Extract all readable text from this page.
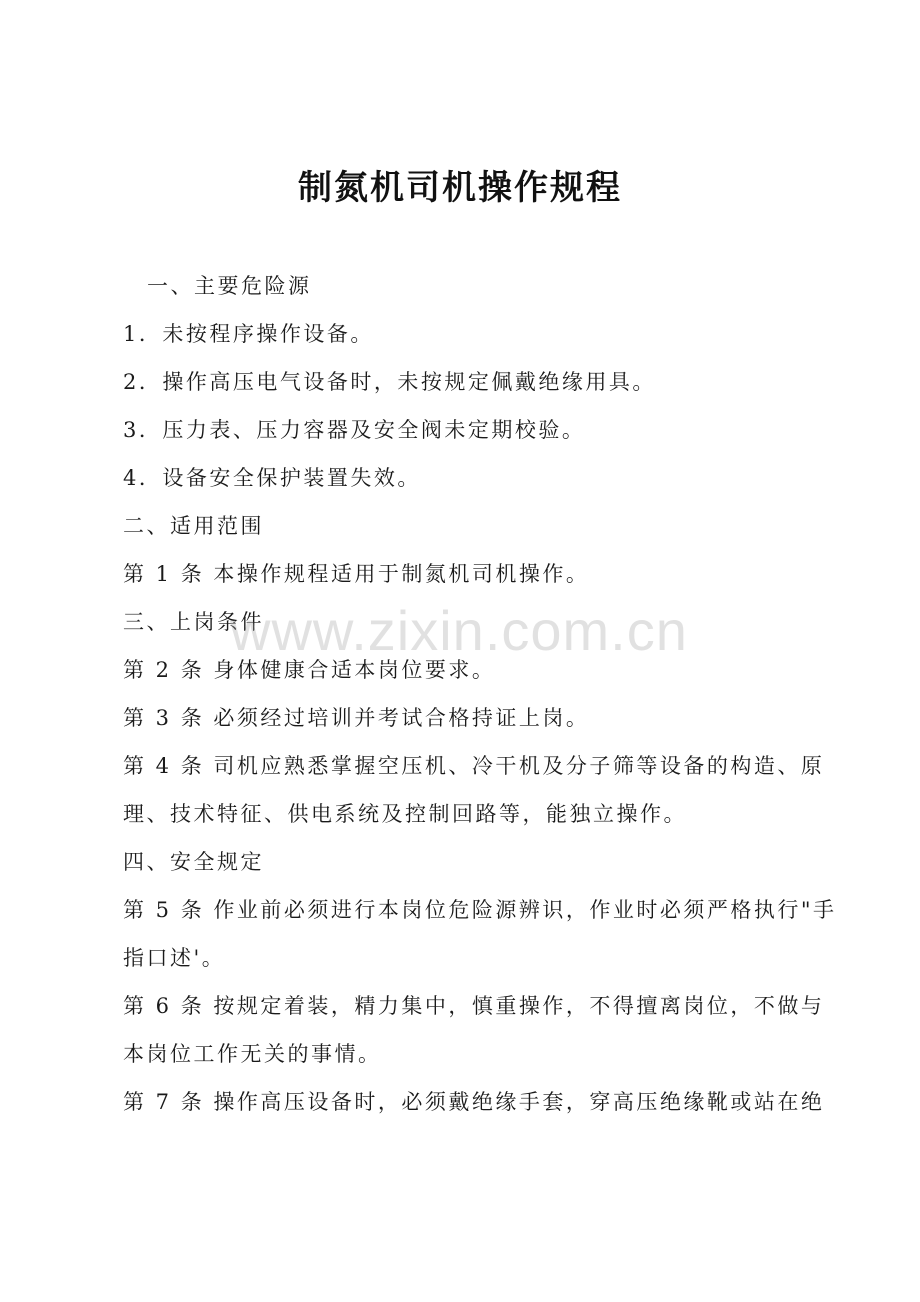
制氮机司机操作规程
一、主要危险源
1．未按程序操作设备。
2．操作高压电气设备时，未按规定佩戴绝缘用具。
3．压力表、压力容器及安全阀未定期校验。
4．设备安全保护装置失效。
二、适用范围
第 1 条 本操作规程适用于制氮机司机操作。
三、上岗条件
第 2 条 身体健康合适本岗位要求。
第 3 条 必须经过培训并考试合格持证上岗。
第 4 条 司机应熟悉掌握空压机、冷干机及分子筛等设备的构造、原
理、技术特征、供电系统及控制回路等，能独立操作。
四、安全规定
第 5 条 作业前必须进行本岗位危险源辨识，作业时必须严格执行"手
指口述'。
第 6 条 按规定着装，精力集中，慎重操作，不得擅离岗位，不做与
本岗位工作无关的事情。
第 7 条 操作高压设备时，必须戴绝缘手套，穿高压绝缘靴或站在绝
www.zixin.com.cn
